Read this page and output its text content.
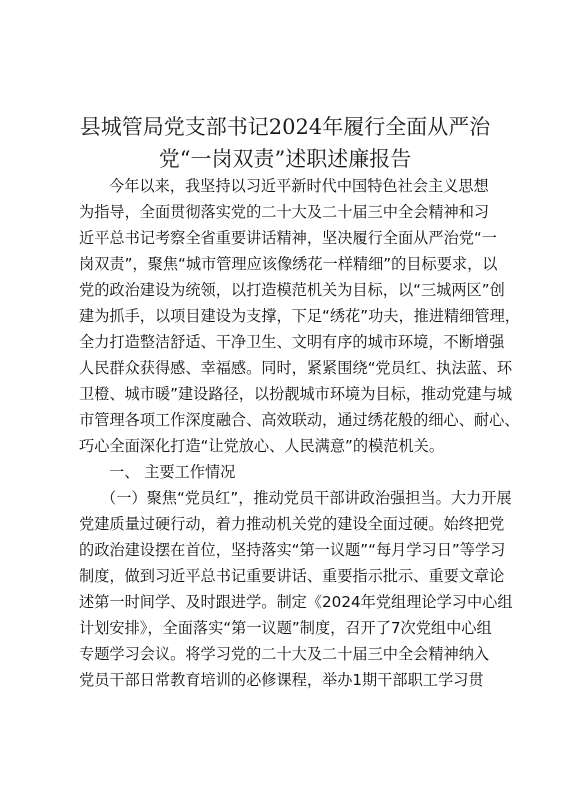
县城管局党支部书记2024年履行全面从严治
党“一岗双责”述职述廉报告
今年以来，我坚持以习近平新时代中国特色社会主义思想
为指导，全面贯彻落实党的二十大及二十届三中全会精神和习
近平总书记考察全省重要讲话精神，坚决履行全面从严治党“一
岗双责”，聚焦“城市管理应该像绣花一样精细”的目标要求，以
党的政治建设为统领，以打造模范机关为目标，以“三城两区”创
建为抓手，以项目建设为支撑，下足“绣花”功夫，推进精细管理，
全力打造整洁舒适、干净卫生、文明有序的城市环境，不断增强
人民群众获得感、幸福感。同时，紧紧围绕“党员红、执法蓝、环
卫橙、城市暖”建设路径，以扮靓城市环境为目标，推动党建与城
市管理各项工作深度融合、高效联动，通过绣花般的细心、耐心、
巧心全面深化打造“让党放心、人民满意”的模范机关。
一、 主要工作情况
（一）聚焦“党员红”，推动党员干部讲政治强担当。大力开展
党建质量过硬行动，着力推动机关党的建设全面过硬。始终把党
的政治建设摆在首位，坚持落实“第一议题”“每月学习日”等学习
制度，做到习近平总书记重要讲话、重要指示批示、重要文章论
述第一时间学、及时跟进学。制定《2024年党组理论学习中心组
计划安排》，全面落实“第一议题”制度，召开了7次党组中心组
专题学习会议。将学习党的二十大及二十届三中全会精神纳入
党员干部日常教育培训的必修课程，举办1期干部职工学习贯
